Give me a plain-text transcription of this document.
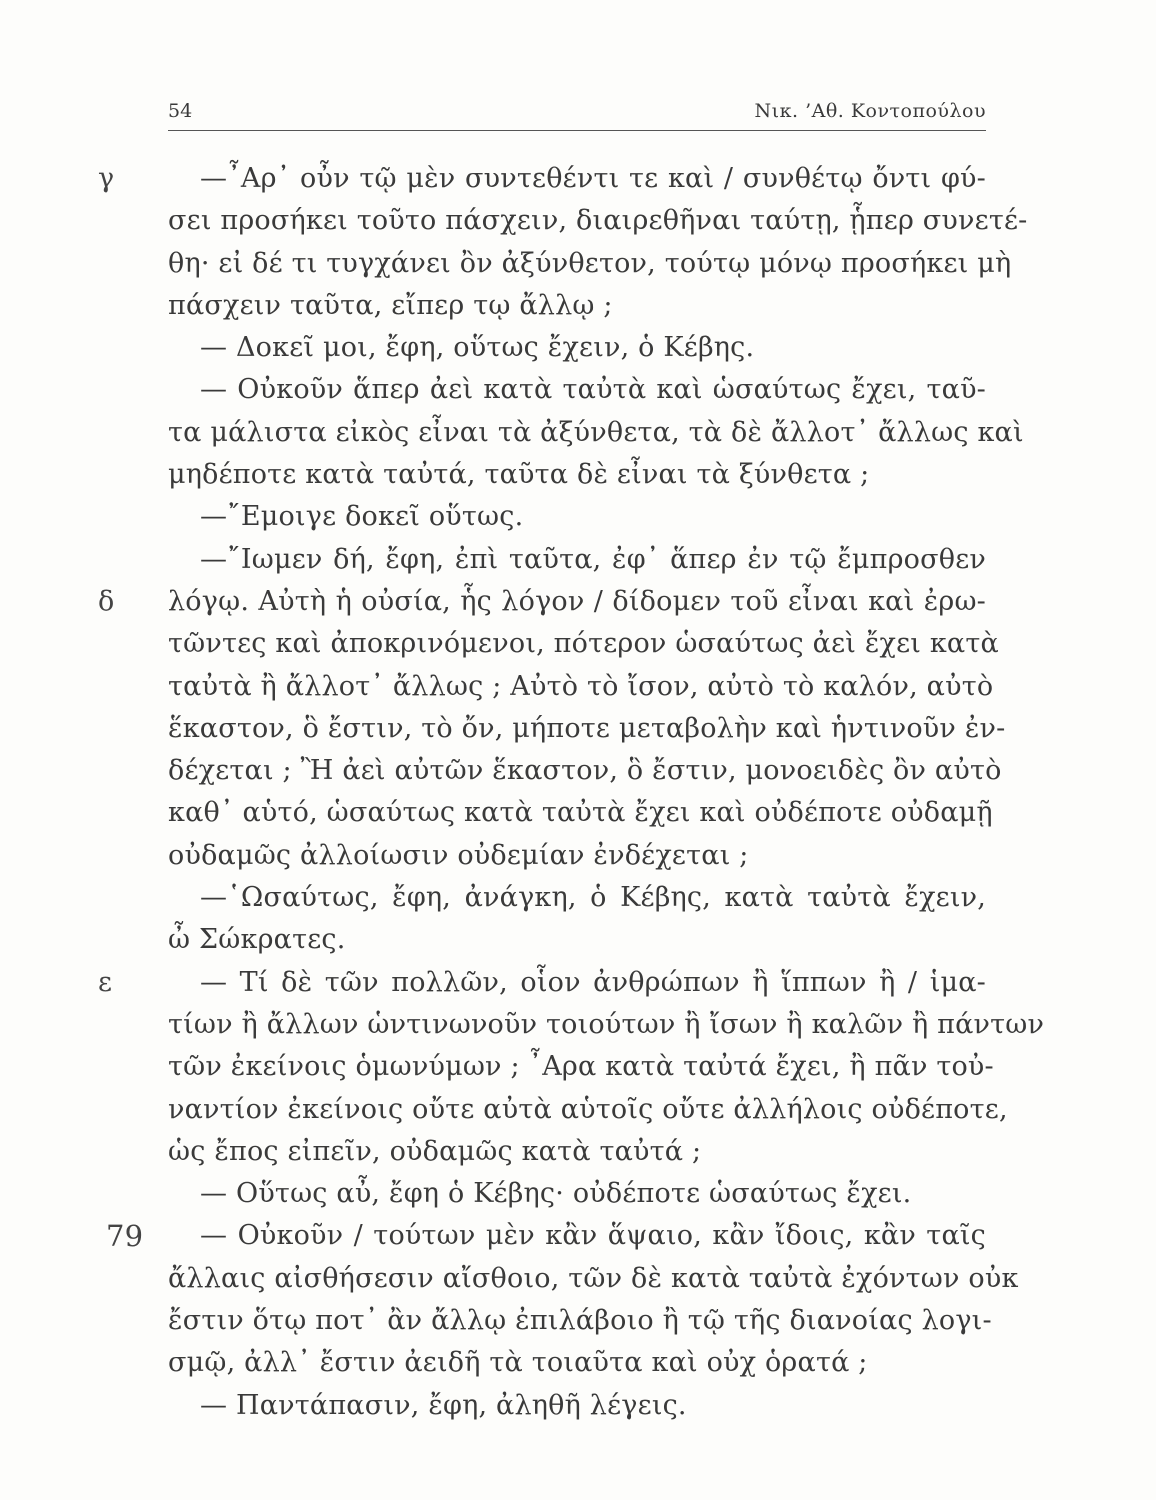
54	Νικ. ’Αθ. Κοντοπούλου
γ	—῏Αρ᾽ οὖν τῷ μὲν συντεθέντι τε καὶ / συνθέτῳ ὄντι φύ-
σει προσήκει τοῦτο πάσχειν, διαιρεθῆναι ταύτῃ, ᾗπερ συνετέ-
θη· εἰ δέ τι τυγχάνει ὂν ἀξύνθετον, τούτῳ μόνῳ προσήκει μὴ
πάσχειν ταῦτα, εἴπερ τῳ ἄλλῳ ;
— Δοκεῖ μοι, ἔφη, οὕτως ἔχειν, ὁ Κέβης.
— Οὐκοῦν ἅπερ ἀεὶ κατὰ ταὐτὰ καὶ ὡσαύτως ἔχει, ταῦ-
τα μάλιστα εἰκὸς εἶναι τὰ ἀξύνθετα, τὰ δὲ ἄλλοτ᾽ ἄλλως καὶ
μηδέποτε κατὰ ταὐτά, ταῦτα δὲ εἶναι τὰ ξύνθετα ;
—῎Εμοιγε δοκεῖ οὕτως.
—῎Ιωμεν δή, ἔφη, ἐπὶ ταῦτα, ἐφ᾽ ἅπερ ἐν τῷ ἔμπροσθεν
δ λόγῳ. Αὐτὴ ἡ οὐσία, ἧς λόγον / δίδομεν τοῦ εἶναι καὶ ἐρω-
τῶντες καὶ ἀποκρινόμενοι, πότερον ὡσαύτως ἀεὶ ἔχει κατὰ
ταὐτὰ ἢ ἄλλοτ᾽ ἄλλως ; Αὐτὸ τὸ ἴσον, αὐτὸ τὸ καλόν, αὐτὸ
ἕκαστον, ὃ ἔστιν, τὸ ὄν, μήποτε μεταβολὴν καὶ ἡντινοῦν ἐν-
δέχεται ; Ἢ ἀεὶ αὐτῶν ἕκαστον, ὃ ἔστιν, μονοειδὲς ὂν αὐτὸ
καθ᾽ αὑτό, ὡσαύτως κατὰ ταὐτὰ ἔχει καὶ οὐδέποτε οὐδαμῇ
οὐδαμῶς ἀλλοίωσιν οὐδεμίαν ἐνδέχεται ;
—῾Ωσαύτως, ἔφη, ἀνάγκη, ὁ Κέβης, κατὰ ταὐτὰ ἔχειν,
ὦ Σώκρατες.
ε	— Τί δὲ τῶν πολλῶν, οἷον ἀνθρώπων ἢ ἵππων ἢ / ἱμα-
τίων ἢ ἄλλων ὡντινωνοῦν τοιούτων ἢ ἴσων ἢ καλῶν ἢ πάντων
τῶν ἐκείνοις ὁμωνύμων ; ῏Αρα κατὰ ταὐτά ἔχει, ἢ πᾶν τοὐ-
ναντίον ἐκείνοις οὔτε αὐτὰ αὑτοῖς οὔτε ἀλλήλοις οὐδέποτε,
ὡς ἔπος εἰπεῖν, οὐδαμῶς κατὰ ταὐτά ;
— Οὕτως αὖ, ἔφη ὁ Κέβης· οὐδέποτε ὡσαύτως ἔχει.
79 — Οὐκοῦν / τούτων μὲν κἂν ἅψαιο, κἂν ἴδοις, κἂν ταῖς
ἄλλαις αἰσθήσεσιν αἴσθοιο, τῶν δὲ κατὰ ταὐτὰ ἐχόντων οὐκ
ἔστιν ὅτῳ ποτ᾽ ἂν ἄλλῳ ἐπιλάβοιο ἢ τῷ τῆς διανοίας λογι-
σμῷ, ἀλλ᾽ ἔστιν ἀειδῆ τὰ τοιαῦτα καὶ οὐχ ὁρατά ;
— Παντάπασιν, ἔφη, ἀληθῆ λέγεις.
